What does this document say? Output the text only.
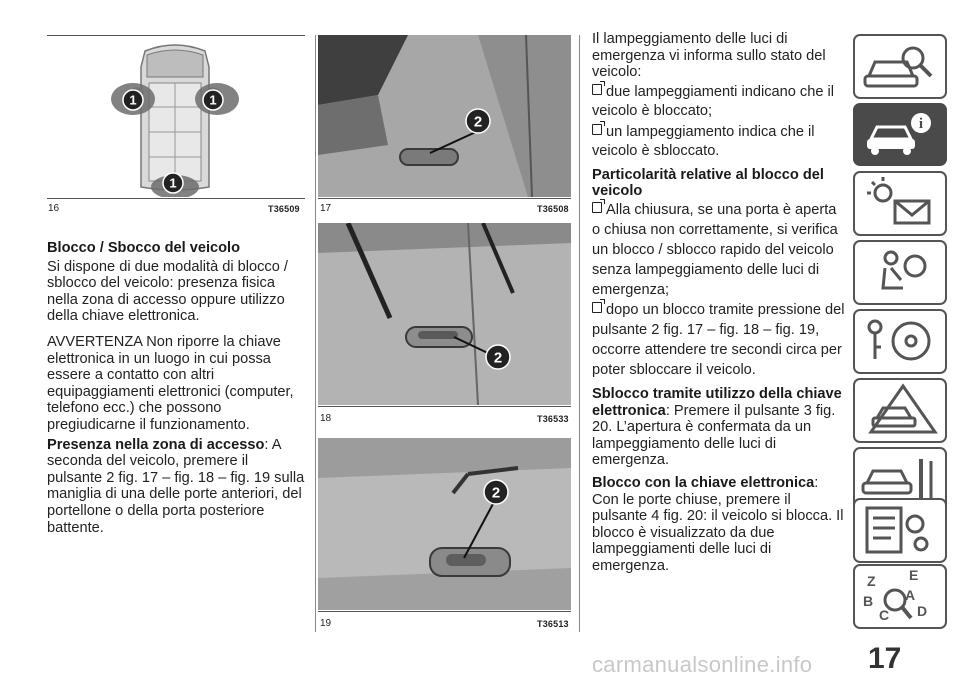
1	1
1
16	T36509

Blocco / Sbocco del veicolo

Si dispone di due modalità di blocco / sblocco del veicolo: presenza fisica nella zona di accesso oppure utilizzo della chiave elettronica.

AVVERTENZA Non riporre la chiave elettronica in un luogo in cui possa essere a contatto con altri equipaggiamenti elettronici (computer, telefono ecc.) che possono pregiudicarne il funzionamento.

Presenza nella zona di accesso: A seconda del veicolo, premere il pulsante 2 fig. 17 – fig. 18 – fig. 19 sulla maniglia di una delle porte anteriori, del portellone o della porta posteriore battente.

2
17	T36508
2
18	T36533
2
19	T36513

Il lampeggiamento delle luci di emergenza vi informa sullo stato del veicolo:

due lampeggiamenti indicano che il veicolo è bloccato;

un lampeggiamento indica che il veicolo è sbloccato.

Particolarità relative al blocco del veicolo

Alla chiusura, se una porta è aperta o chiusa non correttamente, si verifica un blocco / sblocco rapido del veicolo senza lampeggiamento delle luci di emergenza;

dopo un blocco tramite pressione del pulsante 2 fig. 17 – fig. 18 – fig. 19, occorre attendere tre secondi circa per poter sbloccare il veicolo.

Sblocco tramite utilizzo della chiave elettronica: Premere il pulsante 3 fig. 20. L’apertura è confermata da un lampeggiamento delle luci di emergenza.

Blocco con la chiave elettronica: Con le porte chiuse, premere il pulsante 4 fig. 20: il veicolo si blocca. Il blocco è visualizzato da due lampeggiamenti delle luci di emergenza.

i
Z E
A
B
C D
17
carmanualsonline.info
